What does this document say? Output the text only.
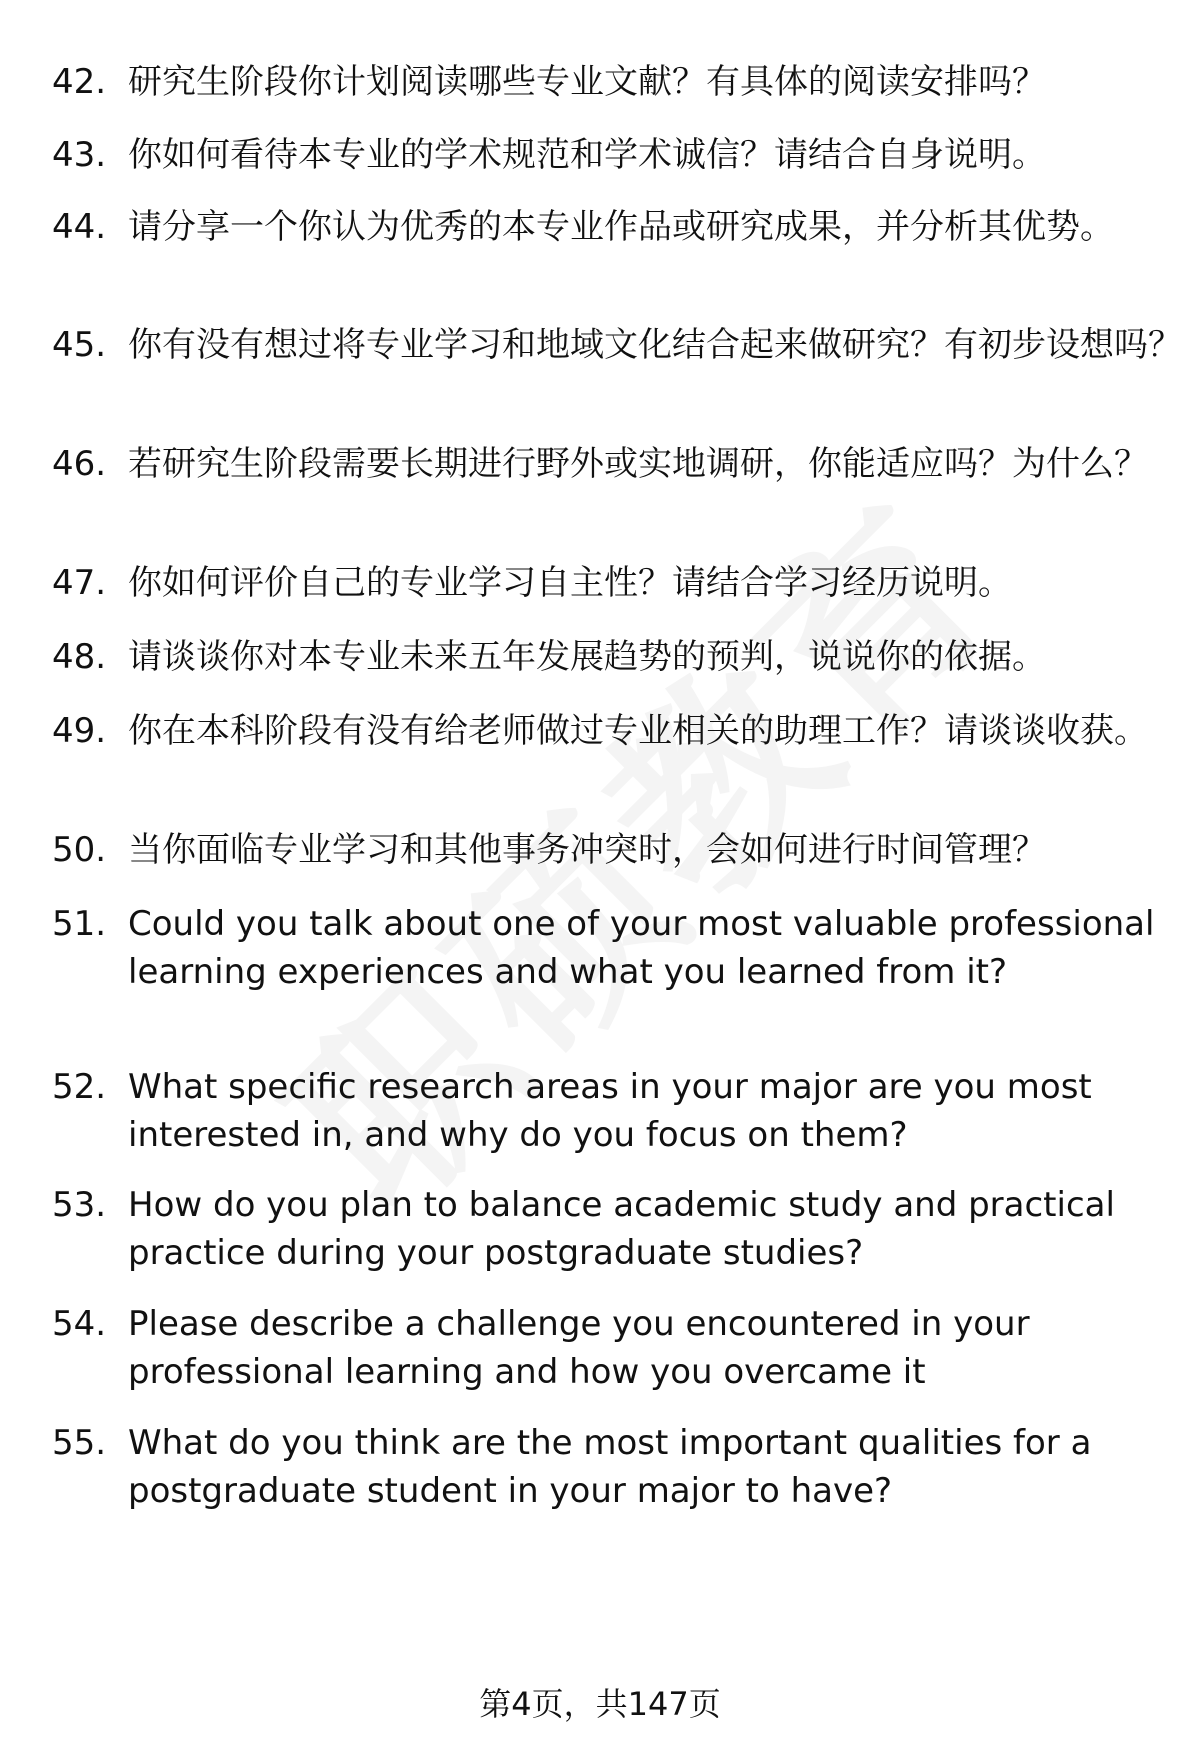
42. 研究生阶段你计划阅读哪些专业文献？有具体的阅读安排吗？
43. 你如何看待本专业的学术规范和学术诚信？请结合自身说明。
44. 请分享一个你认为优秀的本专业作品或研究成果，并分析其优势。
45. 你有没有想过将专业学习和地域文化结合起来做研究？有初步设想吗？
46. 若研究生阶段需要长期进行野外或实地调研，你能适应吗？为什么？
47. 你如何评价自己的专业学习自主性？请结合学习经历说明。
48. 请谈谈你对本专业未来五年发展趋势的预判，说说你的依据。
49. 你在本科阶段有没有给老师做过专业相关的助理工作？请谈谈收获。
50. 当你面临专业学习和其他事务冲突时，会如何进行时间管理？
51. Could you talk about one of your most valuable professional learning experiences and what you learned from it?
52. What specific research areas in your major are you most interested in, and why do you focus on them?
53. How do you plan to balance academic study and practical practice during your postgraduate studies?
54. Please describe a challenge you encountered in your professional learning and how you overcame it
55. What do you think are the most important qualities for a postgraduate student in your major to have?
第4页，共147页
